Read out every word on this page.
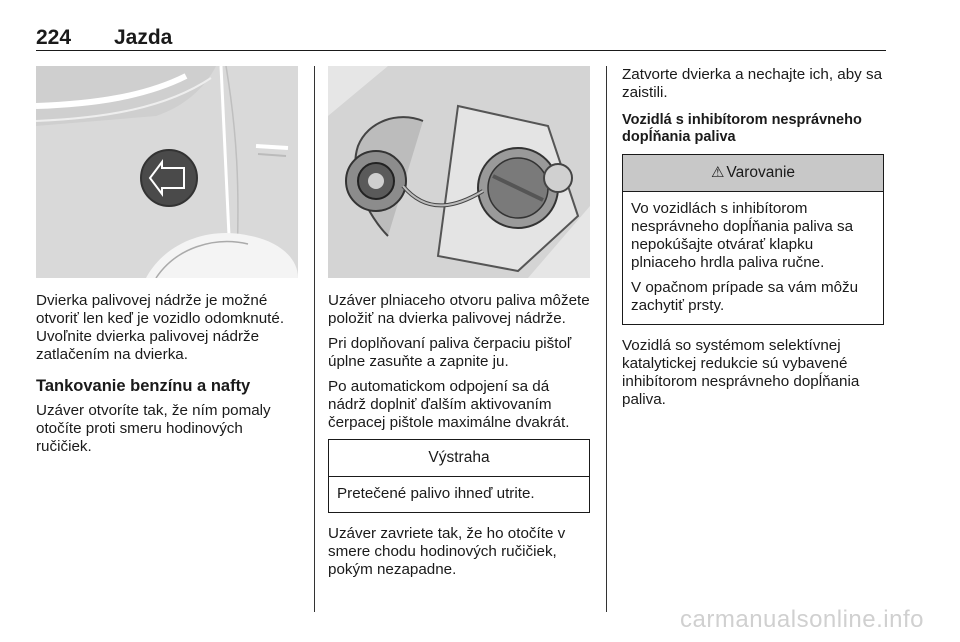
224 Jazda

Dvierka palivovej nádrže je možné otvoriť len keď je vozidlo odomknuté. Uvoľnite dvierka palivovej nádrže zatlačením na dvierka.

Tankovanie benzínu a nafty

Uzáver otvoríte tak, že ním pomaly otočíte proti smeru hodinových ručičiek.

Uzáver plniaceho otvoru paliva môžete položiť na dvierka palivovej nádrže.

Pri doplňovaní paliva čerpaciu pištoľ úplne zasuňte a zapnite ju.

Po automatickom odpojení sa dá nádrž doplniť ďalším aktivovaním čerpacej pištole maximálne dvakrát.

Výstraha

Pretečené palivo ihneď utrite.

Uzáver zavriete tak, že ho otočíte v smere chodu hodinových ručičiek, pokým nezapadne.

Zatvorte dvierka a nechajte ich, aby sa zaistili.

Vozidlá s inhibítorom nesprávneho dopĺňania paliva
⚠ Varovanie

Vo vozidlách s inhibítorom nesprávneho dopĺňania paliva sa nepokúšajte otvárať klapku plniaceho hrdla paliva ručne.

V opačnom prípade sa vám môžu zachytiť prsty.

Vozidlá so systémom selektívnej katalytickej redukcie sú vybavené inhibítorom nesprávneho dopĺňania paliva.

carmanualsonline.info
